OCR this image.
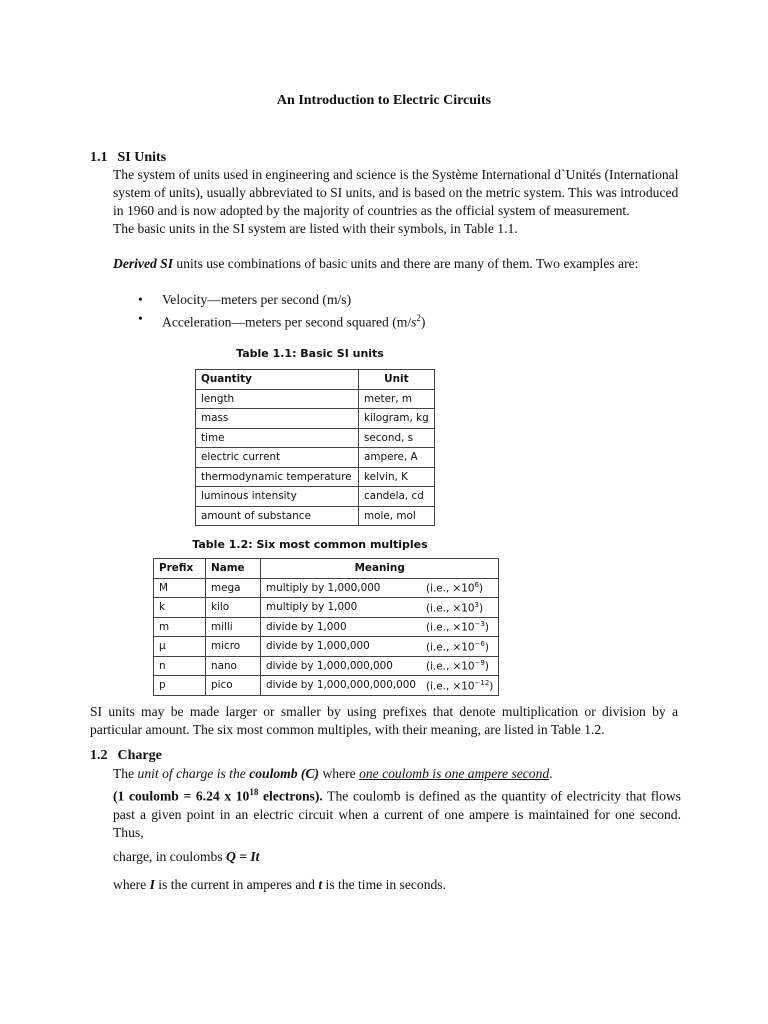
An Introduction to Electric Circuits
1.1 SI Units

The system of units used in engineering and science is the Système International d`Unités (International system of units), usually abbreviated to SI units, and is based on the metric system. This was introduced in 1960 and is now adopted by the majority of countries as the official system of measurement.

The basic units in the SI system are listed with their symbols, in Table 1.1.

Derived SI units use combinations of basic units and there are many of them. Two examples are:
• Velocity—meters per second (m/s)
• Acceleration—meters per second squared $(m/s^2)$
Table 1.1: Basic SI units
Quantity	Unit
length	meter, m
mass	kilogram, kg
time	second, s
electric current	ampere, A
thermodynamic temperature	kelvin, K
luminous intensity	candela, cd
amount of substance	mole, mol
Table 1.2: Six most common multiples
Prefix	Name	Meaning	
M	mega	multiply by 1,000,000	(i.e., $\times 10^6$)
k	kilo	multiply by 1,000	(i.e., $\times 10^3$)
m	milli	divide by 1,000	(i.e., $\times 10^{-3}$)
μ	micro	divide by 1,000,000	(i.e., $\times 10^{-6}$)
n	nano	divide by 1,000,000,000	(i.e., $\times 10^{-9}$)
p	pico	divide by 1,000,000,000,000	(i.e., $\times 10^{-12}$)

SI units may be made larger or smaller by using prefixes that denote multiplication or division by a particular amount. The six most common multiples, with their meaning, are listed in Table 1.2.

1.2 Charge
The unit of charge is the coulomb (C) where one coulomb is one ampere second.
(1 coulomb = 6.24 x $10^{18}$ electrons). The coulomb is defined as the quantity of electricity that flows past a given point in an electric circuit when a current of one ampere is maintained for one second. Thus,
charge, in coulombs Q = It
where I is the current in amperes and t is the time in seconds.
